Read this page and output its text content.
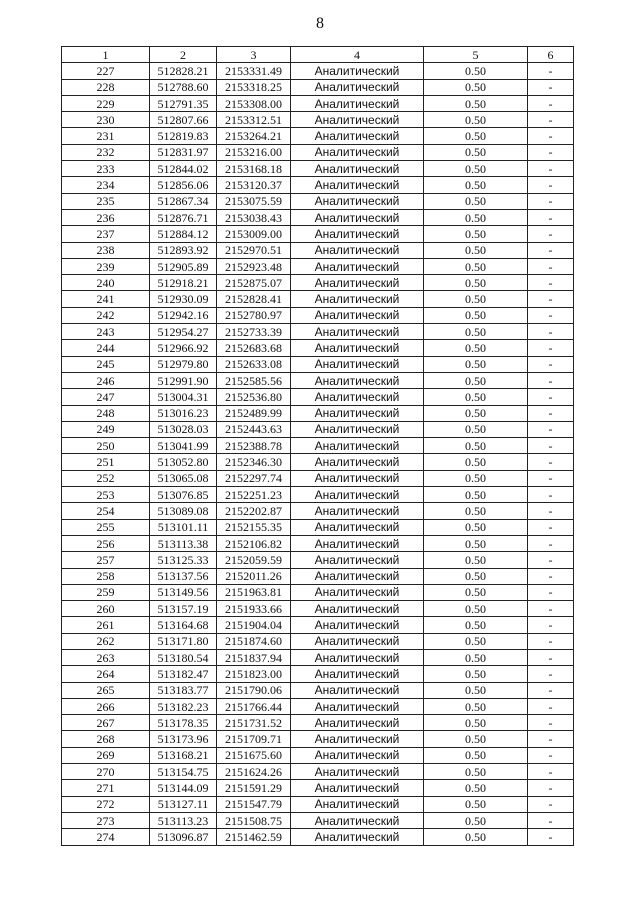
8
1	2	3	4	5	6
227	512828.21	2153331.49	Аналитический	0.50	-
228	512788.60	2153318.25	Аналитический	0.50	-
229	512791.35	2153308.00	Аналитический	0.50	-
230	512807.66	2153312.51	Аналитический	0.50	-
231	512819.83	2153264.21	Аналитический	0.50	-
232	512831.97	2153216.00	Аналитический	0.50	-
233	512844.02	2153168.18	Аналитический	0.50	-
234	512856.06	2153120.37	Аналитический	0.50	-
235	512867.34	2153075.59	Аналитический	0.50	-
236	512876.71	2153038.43	Аналитический	0.50	-
237	512884.12	2153009.00	Аналитический	0.50	-
238	512893.92	2152970.51	Аналитический	0.50	-
239	512905.89	2152923.48	Аналитический	0.50	-
240	512918.21	2152875.07	Аналитический	0.50	-
241	512930.09	2152828.41	Аналитический	0.50	-
242	512942.16	2152780.97	Аналитический	0.50	-
243	512954.27	2152733.39	Аналитический	0.50	-
244	512966.92	2152683.68	Аналитический	0.50	-
245	512979.80	2152633.08	Аналитический	0.50	-
246	512991.90	2152585.56	Аналитический	0.50	-
247	513004.31	2152536.80	Аналитический	0.50	-
248	513016.23	2152489.99	Аналитический	0.50	-
249	513028.03	2152443.63	Аналитический	0.50	-
250	513041.99	2152388.78	Аналитический	0.50	-
251	513052.80	2152346.30	Аналитический	0.50	-
252	513065.08	2152297.74	Аналитический	0.50	-
253	513076.85	2152251.23	Аналитический	0.50	-
254	513089.08	2152202.87	Аналитический	0.50	-
255	513101.11	2152155.35	Аналитический	0.50	-
256	513113.38	2152106.82	Аналитический	0.50	-
257	513125.33	2152059.59	Аналитический	0.50	-
258	513137.56	2152011.26	Аналитический	0.50	-
259	513149.56	2151963.81	Аналитический	0.50	-
260	513157.19	2151933.66	Аналитический	0.50	-
261	513164.68	2151904.04	Аналитический	0.50	-
262	513171.80	2151874.60	Аналитический	0.50	-
263	513180.54	2151837.94	Аналитический	0.50	-
264	513182.47	2151823.00	Аналитический	0.50	-
265	513183.77	2151790.06	Аналитический	0.50	-
266	513182.23	2151766.44	Аналитический	0.50	-
267	513178.35	2151731.52	Аналитический	0.50	-
268	513173.96	2151709.71	Аналитический	0.50	-
269	513168.21	2151675.60	Аналитический	0.50	-
270	513154.75	2151624.26	Аналитический	0.50	-
271	513144.09	2151591.29	Аналитический	0.50	-
272	513127.11	2151547.79	Аналитический	0.50	-
273	513113.23	2151508.75	Аналитический	0.50	-
274	513096.87	2151462.59	Аналитический	0.50	-
